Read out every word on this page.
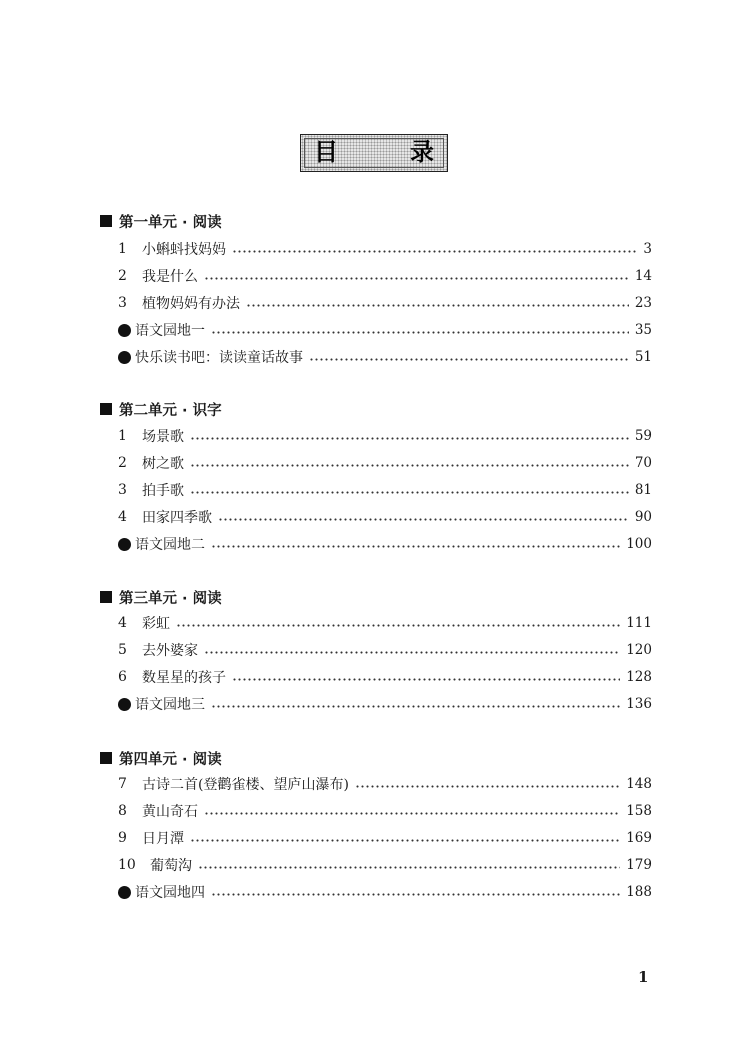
目	录
第一单元 · 阅读
1	小蝌蚪找妈妈	3
2	我是什么	14
3	植物妈妈有办法	23
语文园地一	35
快乐读书吧：读读童话故事	51
第二单元 · 识字
1	场景歌	59
2	树之歌	70
3	拍手歌	81
4	田家四季歌	90
语文园地二	100
第三单元 · 阅读
4	彩虹	111
5	去外婆家	120
6	数星星的孩子	128
语文园地三	136
第四单元 · 阅读
7	古诗二首(登鹳雀楼、望庐山瀑布)	148
8	黄山奇石	158
9	日月潭	169
10	葡萄沟	179
语文园地四	188
1
